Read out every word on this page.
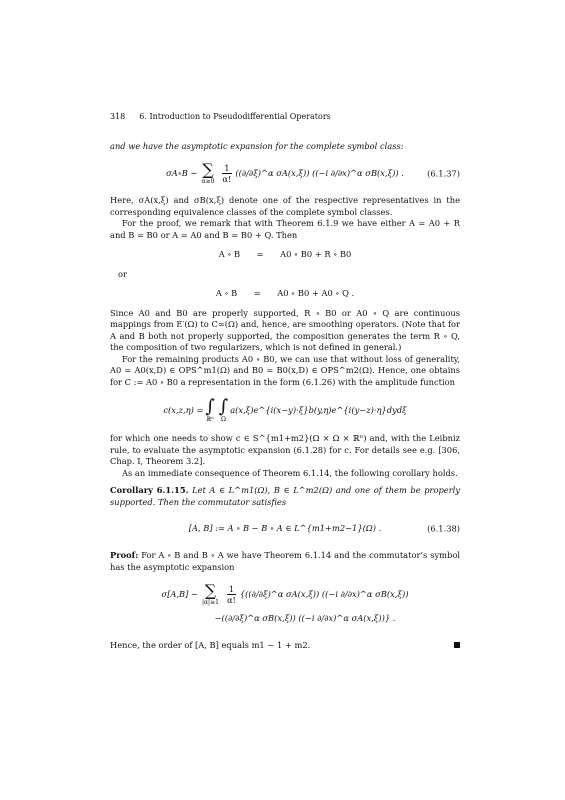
318 6. Introduction to Pseudodifferential Operators

and we have the asymptotic expansion for the complete symbol class:

σA∘B ∼ ∑
$\alpha\ge 0 \frac{1}{\alpha!}$ ((∂/∂ξ)^α σA(x,ξ)) ((−i ∂/∂x)^α σB(x,ξ)) .	(6.1.37)

Here, σA(x,ξ) and σB(x,ξ) denote one of the respective representatives in the corresponding equivalence classes of the complete symbol classes.

For the proof, we remark that with Theorem 6.1.9 we have either A = A0 + R and B = B0 or A = A0 and B = B0 + Q. Then

A ∘ B	=	A0 ∘ B0 + R ∘ B0
or
A ∘ B	=	A0 ∘ B0 + A0 ∘ Q .

Since A0 and B0 are properly supported, R ∘ B0 or A0 ∘ Q are continuous mappings from E′(Ω) to C∞(Ω) and, hence, are smoothing operators. (Note that for A and B both not properly supported, the composition generates the term R ∘ Q, the composition of two regularizers, which is not defined in general.)

For the remaining products A0 ∘ B0, we can use that without loss of generality, A0 = A0(x,D) ∈ OPS^m1(Ω) and B0 = B0(x,D) ∈ OPS^m2(Ω). Hence, one obtains for C := A0 ∘ B0 a representation in the form (6.1.26) with the amplitude function

c(x,z,η) = ∫
ℝⁿ
∫
Ω
a(x,ξ)e^{i(x−y)·ξ}b(y,η)e^{i(y−z)·η}dydξ

for which one needs to show c ∈ S^{m1+m2}(Ω × Ω × ℝⁿ) and, with the Leibniz rule, to evaluate the asymptotic expansion (6.1.28) for c. For details see e.g. [306, Chap. I, Theorem 3.2].

As an immediate consequence of Theorem 6.1.14, the following corollary holds.

Corollary 6.1.15. Let A ∈ L^m1(Ω), B ∈ L^m2(Ω) and one of them be properly supported. Then the commutator satisfies

[A, B] := A ∘ B − B ∘ A ∈ L^{m1+m2−1}(Ω) .	(6.1.38)

Proof: For A ∘ B and B ∘ A we have Theorem 6.1.14 and the commutator’s symbol has the asymptotic expansion

σ[A,B] ∼ ∑
$|\alpha|\ge 1 \frac{1}{\alpha!}$ {((∂/∂ξ)^α σA(x,ξ)) ((−i ∂/∂x)^α σB(x,ξ))
−((∂/∂ξ)^α σB(x,ξ)) ((−i ∂/∂x)^α σA(x,ξ))} .

Hence, the order of [A, B] equals m1 − 1 + m2.
